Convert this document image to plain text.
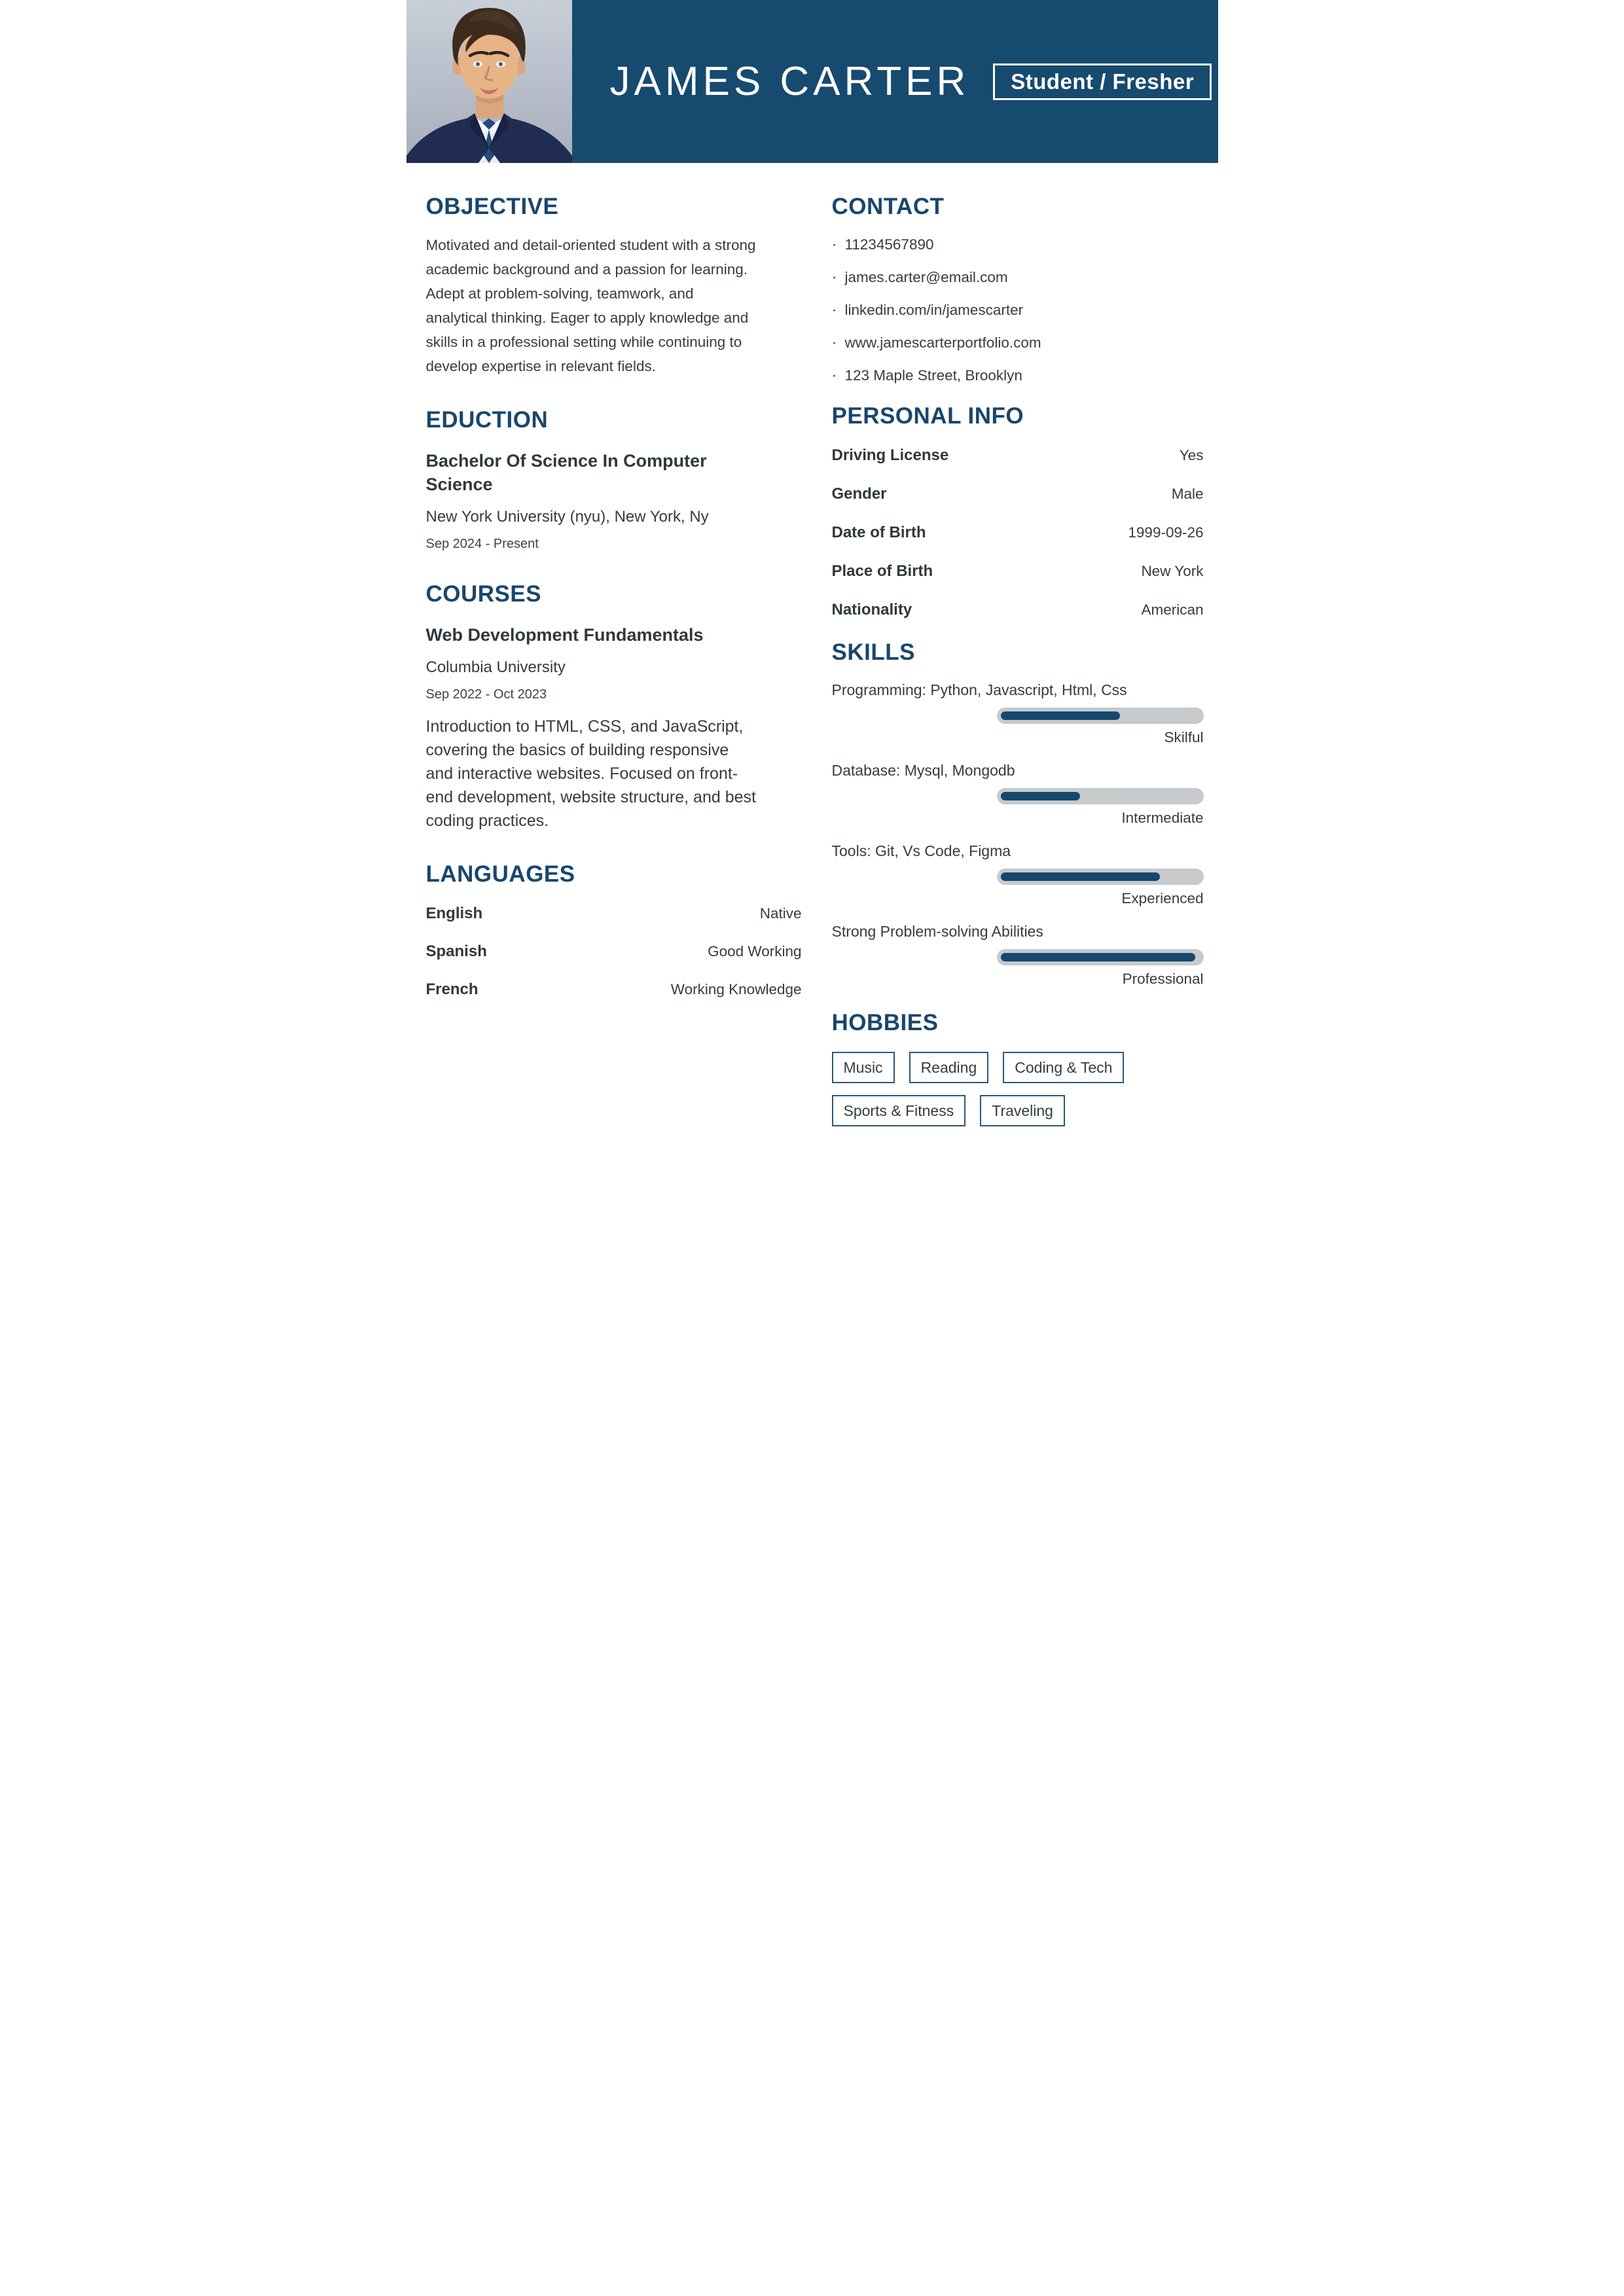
JAMES CARTER	Student / Fresher
OBJECTIVE

Motivated and detail-oriented student with a strong academic background and a passion for learning. Adept at problem-solving, teamwork, and analytical thinking. Eager to apply knowledge and skills in a professional setting while continuing to develop expertise in relevant fields.

EDUCTION

Bachelor Of Science In Computer Science

New York University (nyu), New York, Ny

Sep 2024 - Present

COURSES

Web Development Fundamentals

Columbia University

Sep 2022 - Oct 2023

Introduction to HTML, CSS, and JavaScript, covering the basics of building responsive and interactive websites. Focused on front-end development, website structure, and best coding practices.

LANGUAGES
English	Native
Spanish	Good Working
French	Working Knowledge
CONTACT
· 11234567890
· james.carter@email.com
· linkedin.com/in/jamescarter
· www.jamescarterportfolio.com
· 123 Maple Street, Brooklyn
PERSONAL INFO
Driving License	Yes
Gender	Male
Date of Birth	1999-09-26
Place of Birth	New York
Nationality	American
SKILLS
Programming: Python, Javascript, Html, Css
Skilful
Database: Mysql, Mongodb
Intermediate
Tools: Git, Vs Code, Figma
Experienced
Strong Problem-solving Abilities
Professional
HOBBIES
Music	Reading	Coding & Tech
Sports & Fitness	Traveling
